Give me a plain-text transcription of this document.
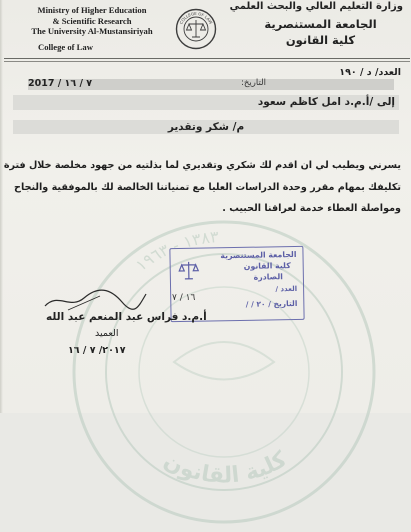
Ministry of Higher Education
& Scientific Research
The University Al-Mustansiriyah
College of Law
COLLEGE OF LAW
وزارة التعليم العالي والبحث العلمي
الجامعة المستنصرية
كلية القانون
العدد/ د / ١٩٠
التاريخ:
2017 / ٧ / ١٦
إلى /أ.م.د امل كاظم سعود
م/ شكر وتقدير
كلية القانون
١٣٨٣ - ١٩٦٣
يسرني ويطيب لي ان اقدم لك شكري وتقديري لما بذلتيه من جهود مخلصة خلال فترة
تكليفك بمهام مقرر وحدة الدراسات العليا مع تمنياتنا الخالصة لك بالموفقية والنجاح
ومواصلة العطاء خدمة لعراقنا الحبيب .
الجامعة المستنصرية
كلية القانون
الصادرة
العدد /
التاريخ / ٢٠ / /
١٦ / ٧
أ.م.د فراس عبد المنعم عبد الله
العميد
٢٠١٧/ ٧ / ١٦
